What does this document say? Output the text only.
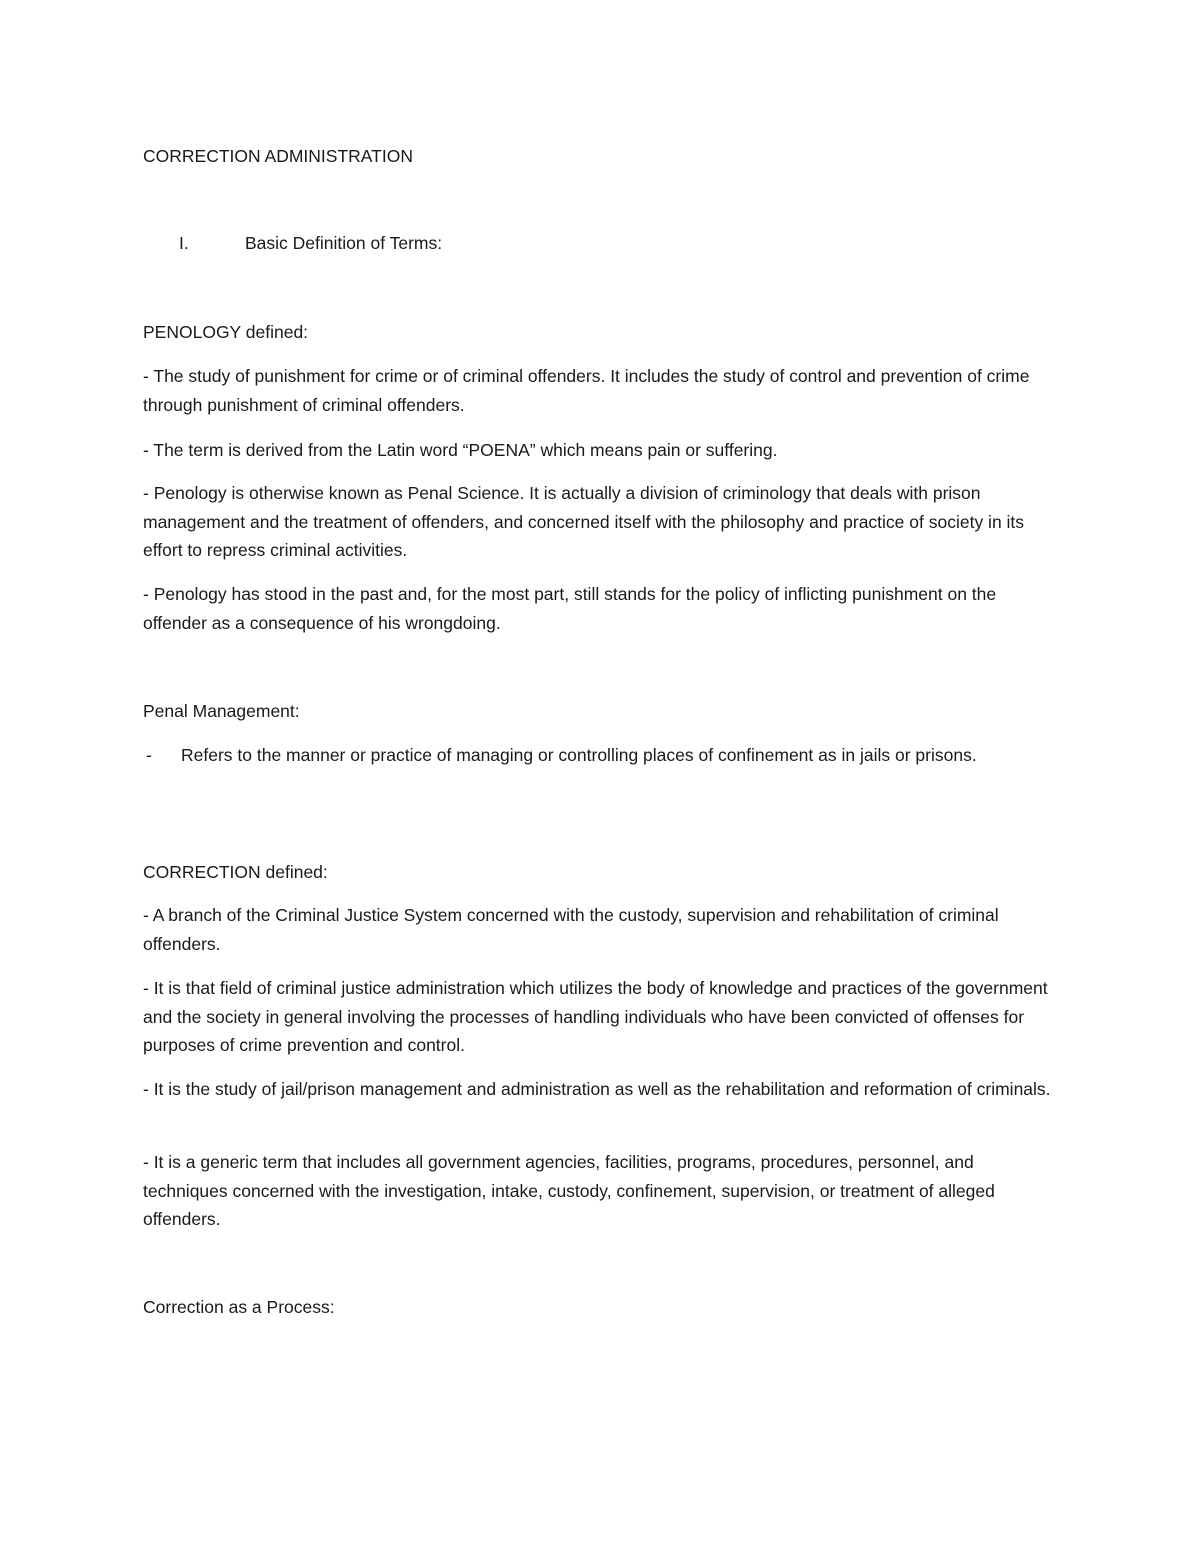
CORRECTION ADMINISTRATION

I.	Basic Definition of Terms:

PENOLOGY defined:

- The study of punishment for crime or of criminal offenders. It includes the study of control and prevention of crime through punishment of criminal offenders.

- The term is derived from the Latin word “POENA” which means pain or suffering.

- Penology is otherwise known as Penal Science. It is actually a division of criminology that deals with prison management and the treatment of offenders, and concerned itself with the philosophy and practice of society in its effort to repress criminal activities.

- Penology has stood in the past and, for the most part, still stands for the policy of inflicting punishment on the offender as a consequence of his wrongdoing.

Penal Management:

- Refers to the manner or practice of managing or controlling places of confinement as in jails or prisons.

CORRECTION defined:

- A branch of the Criminal Justice System concerned with the custody, supervision and rehabilitation of criminal offenders.

- It is that field of criminal justice administration which utilizes the body of knowledge and practices of the government and the society in general involving the processes of handling individuals who have been convicted of offenses for purposes of crime prevention and control.

- It is the study of jail/prison management and administration as well as the rehabilitation and reformation of criminals.

- It is a generic term that includes all government agencies, facilities, programs, procedures, personnel, and techniques concerned with the investigation, intake, custody, confinement, supervision, or treatment of alleged offenders.

Correction as a Process:
